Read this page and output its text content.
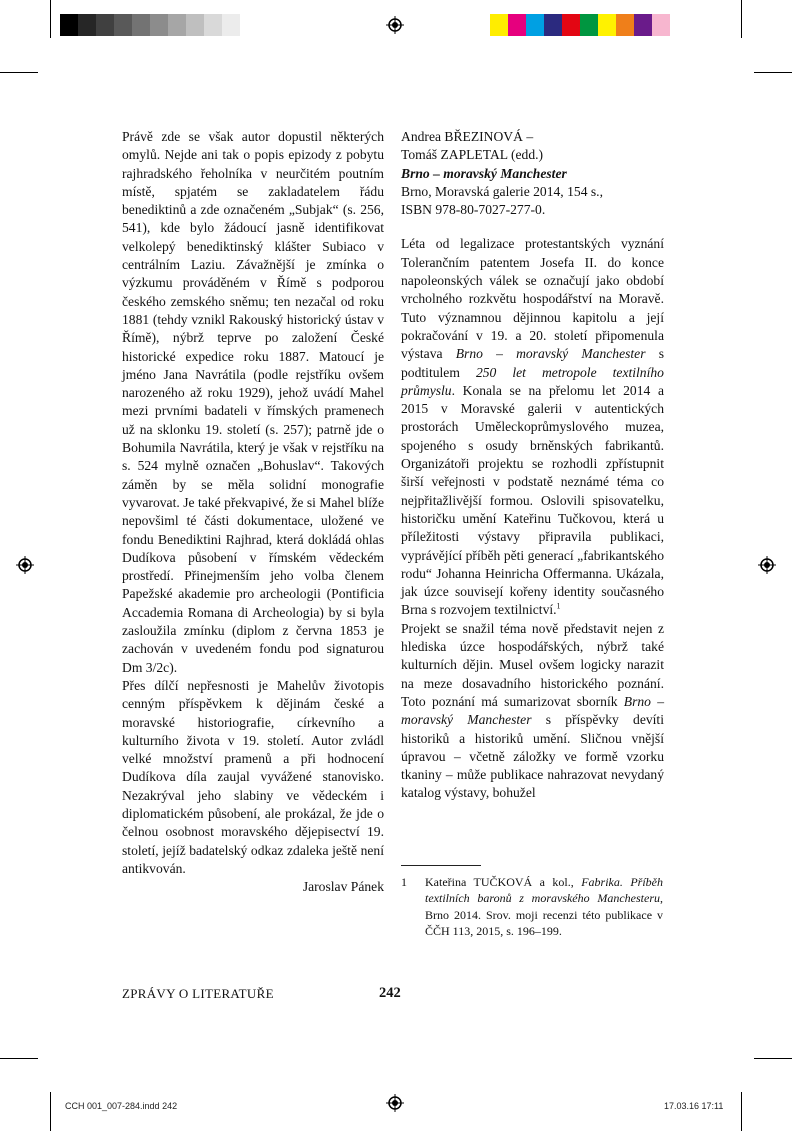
Právě zde se však autor dopustil některých omylů. Nejde ani tak o popis epizody z pobytu rajhradského řeholníka v neurčitém poutním místě, spjatém se zakladatelem řádu benediktinů a zde označeném „Subjak“ (s. 256, 541), kde bylo žádoucí jasně identifikovat velkolepý benediktinský klášter Subiaco v centrálním Laziu. Závažnější je zmínka o výzkumu prováděném v Římě s podporou českého zemského sněmu; ten nezačal od roku 1881 (tehdy vznikl Rakouský historický ústav v Římě), nýbrž teprve po založení České historické expedice roku 1887. Matoucí je jméno Jana Navrátila (podle rejstříku ovšem narozeného až roku 1929), jehož uvádí Mahel mezi prvními badateli v římských pramenech už na sklonku 19. století (s. 257); patrně jde o Bohumila Navrátila, který je však v rejstříku na s. 524 mylně označen „Bohuslav“. Takových záměn by se měla solidní monografie vyvarovat. Je také překvapivé, že si Mahel blíže nepovšiml té části dokumentace, uložené ve fondu Benediktini Rajhrad, která dokládá ohlas Dudíkova působení v římském vědeckém prostředí. Přinejmenším jeho volba členem Papežské akademie pro archeologii (Pontificia Accademia Romana di Archeologia) by si byla zasloužila zmínku (diplom z června 1853 je zachován v uvedeném fondu pod signaturou Dm 3/2c).

Přes dílčí nepřesnosti je Mahelův životopis cenným příspěvkem k dějinám české a moravské historiografie, církevního a kulturního života v 19. století. Autor zvládl velké množství pramenů a při hodnocení Dudíkova díla zaujal vyvážené stanovisko. Nezakrýval jeho slabiny ve vědeckém i diplomatickém působení, ale prokázal, že jde o čelnou osobnost moravského dějepisectví 19. století, jejíž badatelský odkaz zdaleka ještě není antikvován.

Jaroslav Pánek

Andrea BŘEZINOVÁ –
Tomáš ZAPLETAL (edd.)
Brno – moravský Manchester
Brno, Moravská galerie 2014, 154 s.,
ISBN 978-80-7027-277-0.

Léta od legalizace protestantských vyznání Tolerančním patentem Josefa II. do konce napoleonských válek se označují jako období vrcholného rozkvětu hospodářství na Moravě. Tuto významnou dějinnou kapitolu a její pokračování v 19. a 20. století připomenula výstava Brno – moravský Manchester s podtitulem 250 let metropole textilního průmyslu. Konala se na přelomu let 2014 a 2015 v Moravské galerii v autentických prostorách Uměleckoprůmyslového muzea, spojeného s osudy brněnských fabrikantů. Organizátoři projektu se rozhodli zpřístupnit širší veřejnosti v podstatě neznámé téma co nejpřitažlivější formou. Oslovili spisovatelku, historičku umění Kateřinu Tučkovou, která u příležitosti výstavy připravila publikaci, vyprávějící příběh pěti generací „fabrikantského rodu“ Johanna Heinricha Offermanna. Ukázala, jak úzce souvisejí kořeny identity současného Brna s rozvojem textilnictví.$^1$

Projekt se snažil téma nově představit nejen z hlediska úzce hospodářských, nýbrž také kulturních dějin. Musel ovšem logicky narazit na meze dosavadního historického poznání. Toto poznání má sumarizovat sborník Brno – moravský Manchester s příspěvky devíti historiků a historiků umění. Sličnou vnější úpravou – včetně záložky ve formě vzorku tkaniny – může publikace nahrazovat nevydaný katalog výstavy, bohužel

1 Kateřina TUČKOVÁ a kol., Fabrika. Příběh textilních baronů z moravského Manchesteru, Brno 2014. Srov. moji recenzi této publikace v ČČH 113, 2015, s. 196–199.
ZPRÁVY O LITERATUŘE	242
CCH 001_007-284.indd 242	17.03.16 17:11
